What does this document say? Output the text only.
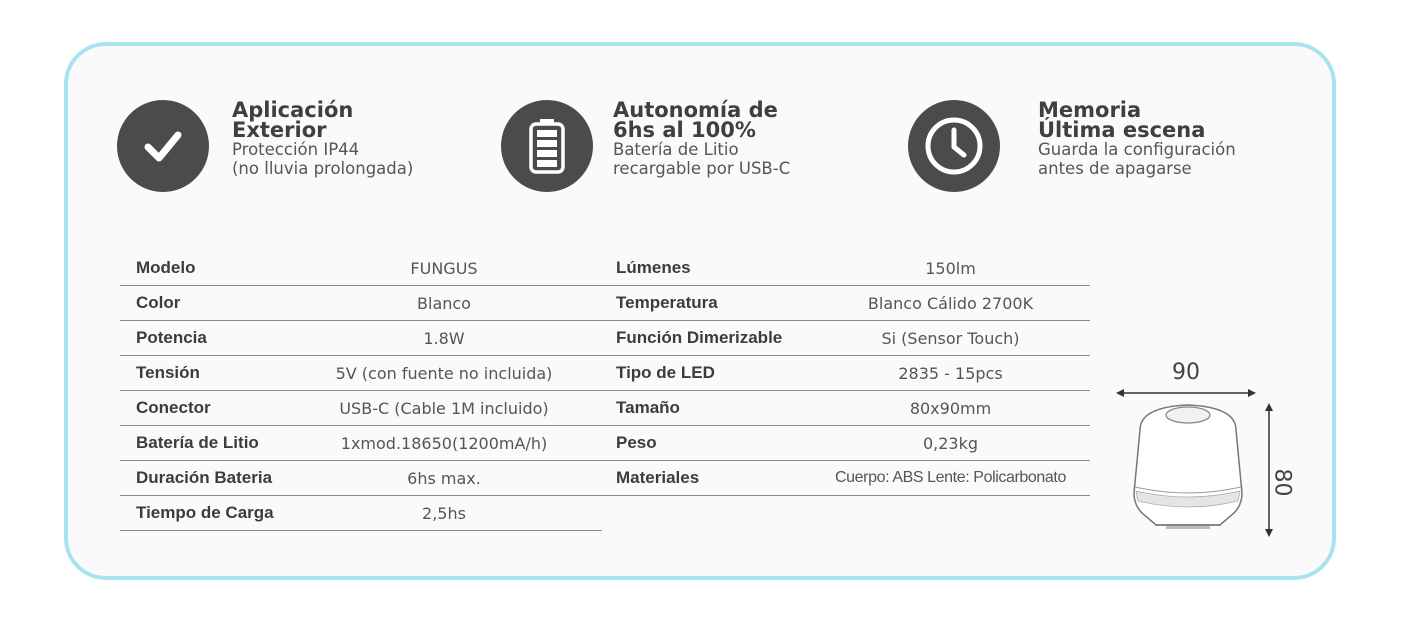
Aplicación
Exterior
Protección IP44
(no lluvia prolongada)
Autonomía de
6hs al 100%
Batería de Litio
recargable por USB-C
Memoria
Última escena
Guarda la configuración
antes de apagarse
Modelo	FUNGUS
Color	Blanco
Potencia	1.8W
Tensión	5V (con fuente no incluida)
Conector	USB-C (Cable 1M incluido)
Batería de Litio	1xmod.18650(1200mA/h)
Duración Bateria	6hs max.
Tiempo de Carga	2,5hs
Lúmenes	150lm
Temperatura	Blanco Cálido 2700K
Función Dimerizable	Si (Sensor Touch)
Tipo de LED	2835 - 15pcs
Tamaño	80x90mm
Peso	0,23kg
Materiales	Cuerpo: ABS Lente: Policarbonato
90
80
